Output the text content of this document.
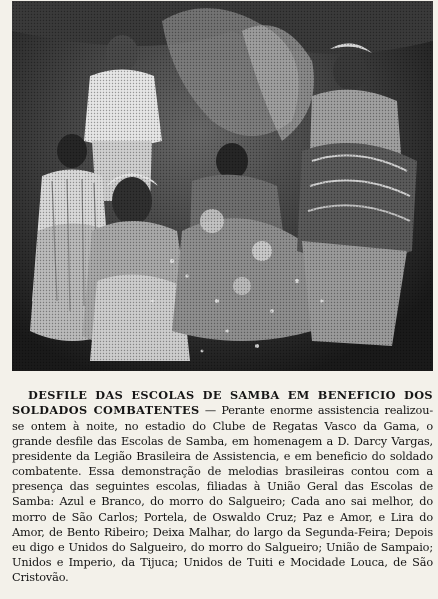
DESFILE DAS ESCOLAS DE SAMBA EM BENEFICIO DOS SOLDADOS COMBATENTES — Perante enorme assistencia realizou-se ontem à noite, no estadio do Clube de Regatas Vasco da Gama, o grande desfile das Escolas de Samba, em homenagem a D. Darcy Vargas, presidente da Legião Brasileira de Assistencia, e em beneficio do soldado combatente. Essa demonstração de melodias brasileiras contou com a presença das seguintes escolas, filiadas à União Geral das Escolas de Samba: Azul e Branco, do morro do Salgueiro; Cada ano sai melhor, do morro de São Carlos; Portela, de Oswaldo Cruz; Paz e Amor, e Lira do Amor, de Bento Ribeiro; Deixa Malhar, do largo da Segunda-Feira; Depois eu digo e Unidos do Salgueiro, do morro do Salgueiro; União de Sampaio; Unidos e Imperio, da Tijuca; Unidos de Tuiti e Mocidade Louca, de São Cristovão.
